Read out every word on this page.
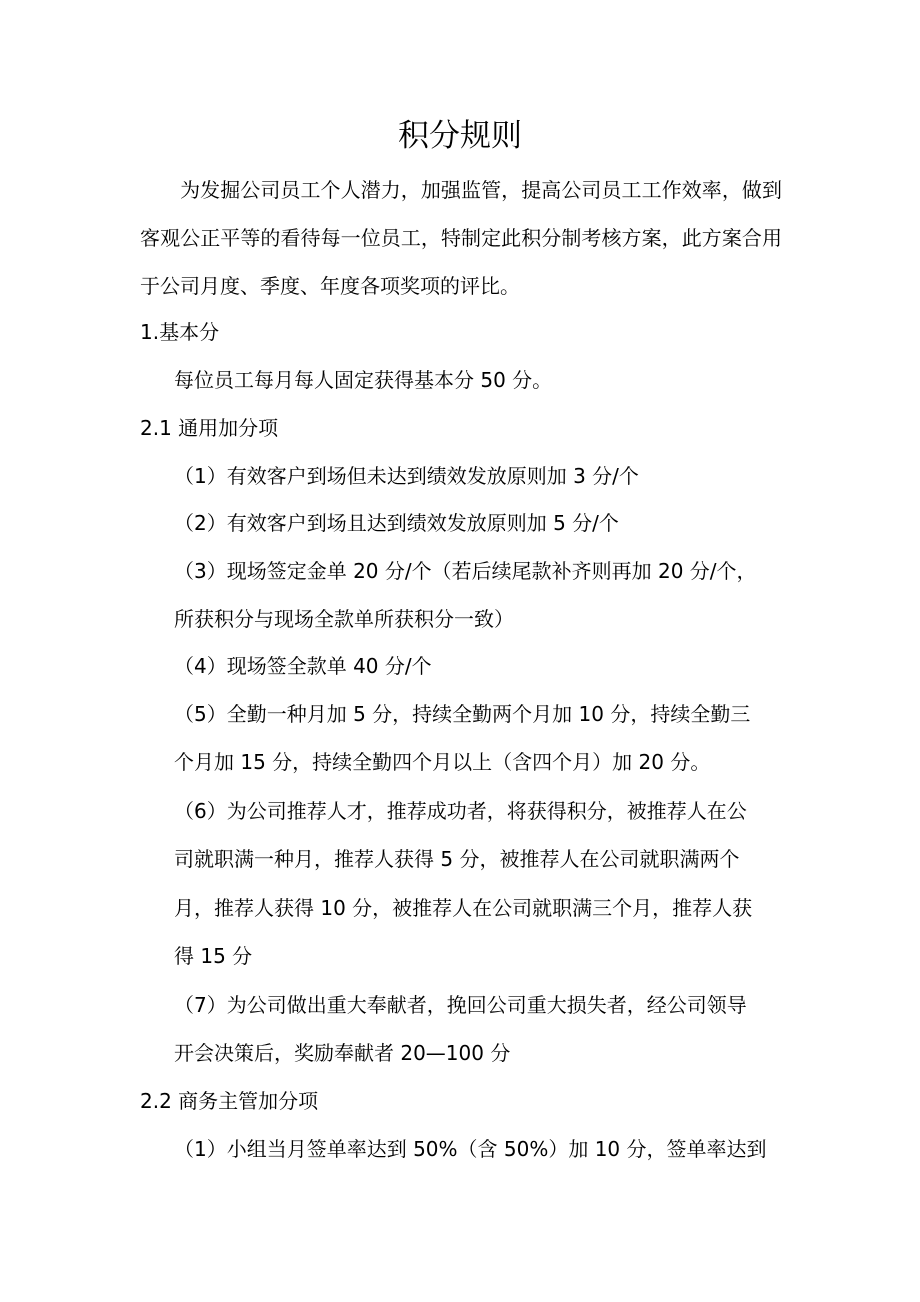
积分规则
为发掘公司员工个人潜力，加强监管，提高公司员工工作效率，做到客观公正平等的看待每一位员工，特制定此积分制考核方案，此方案合用于公司月度、季度、年度各项奖项的评比。
1.基本分
每位员工每月每人固定获得基本分 50 分。
2.1 通用加分项
（1）有效客户到场但未达到绩效发放原则加 3 分/个
（2）有效客户到场且达到绩效发放原则加 5 分/个
（3）现场签定金单 20 分/个（若后续尾款补齐则再加 20 分/个，
所获积分与现场全款单所获积分一致）
（4）现场签全款单 40 分/个
（5）全勤一种月加 5 分，持续全勤两个月加 10 分，持续全勤三
个月加 15 分，持续全勤四个月以上（含四个月）加 20 分。
（6）为公司推荐人才，推荐成功者，将获得积分，被推荐人在公
司就职满一种月，推荐人获得 5 分，被推荐人在公司就职满两个
月，推荐人获得 10 分，被推荐人在公司就职满三个月，推荐人获
得 15 分
（7）为公司做出重大奉献者，挽回公司重大损失者，经公司领导
开会决策后，奖励奉献者 20—100 分
2.2 商务主管加分项
（1）小组当月签单率达到 50%（含 50%）加 10 分，签单率达到
